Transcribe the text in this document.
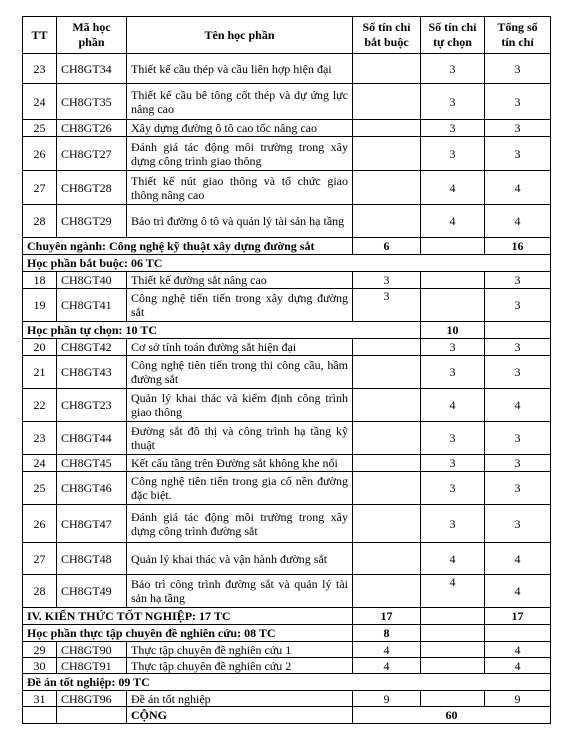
TT	Mã học phần	Tên học phần	Số tín chỉ bắt buộc	Số tín chỉ tự chọn	Tổng số tín chỉ
23	CH8GT34	Thiết kế cầu thép và cầu liên hợp hiện đại		3	3
24	CH8GT35	Thiết kế cầu bê tông cốt thép và dự ứng lực nâng cao		3	3
25	CH8GT26	Xây dựng đường ô tô cao tốc nâng cao		3	3
26	CH8GT27	Đánh giá tác động môi trường trong xây dựng công trình giao thông		3	3
27	CH8GT28	Thiết kế nút giao thông và tổ chức giao thông nâng cao		4	4
28	CH8GT29	Bảo trì đường ô tô và quản lý tài sản hạ tầng		4	4
Chuyên ngành: Công nghệ kỹ thuật xây dựng đường sắt			6		16
Học phần bắt buộc: 06 TC					
18	CH8GT40	Thiết kế đường sắt nâng cao	3		3
19	CH8GT41	Công nghệ tiến tiến trong xây dựng đường sắt	3		3
Học phần tự chọn: 10 TC				10	
20	CH8GT42	Cơ sở tính toán đường sắt hiện đại		3	3
21	CH8GT43	Công nghệ tiên tiến trong thi công cầu, hầm đường sắt		3	3
22	CH8GT23	Quản lý khai thác và kiểm định công trình giao thông		4	4
23	CH8GT44	Đường sắt đô thị và công trình hạ tầng kỹ thuật		3	3
24	CH8GT45	Kết cấu tầng trên Đường sắt không khe nối		3	3
25	CH8GT46	Công nghệ tiên tiến trong gia cố nền đường đặc biệt.		3	3
26	CH8GT47	Đánh giá tác động môi trường trong xây dựng công trình đường sắt		3	3
27	CH8GT48	Quản lý khai thác và vận hành đường sắt		4	4
28	CH8GT49	Bảo trì công trình đường sắt và quản lý tài sản hạ tầng		4	4
IV. KIẾN THỨC TỐT NGHIỆP: 17 TC			17		17
Học phần thực tập chuyên đề nghiên cứu: 08 TC			8		
29	CH8GT90	Thực tập chuyên đề nghiên cứu 1	4		4
30	CH8GT91	Thực tập chuyên đề nghiên cứu 2	4		4
Đề án tốt nghiệp: 09 TC					
31	CH8GT96	Đề án tốt nghiệp	9		9
		CỘNG	60		
